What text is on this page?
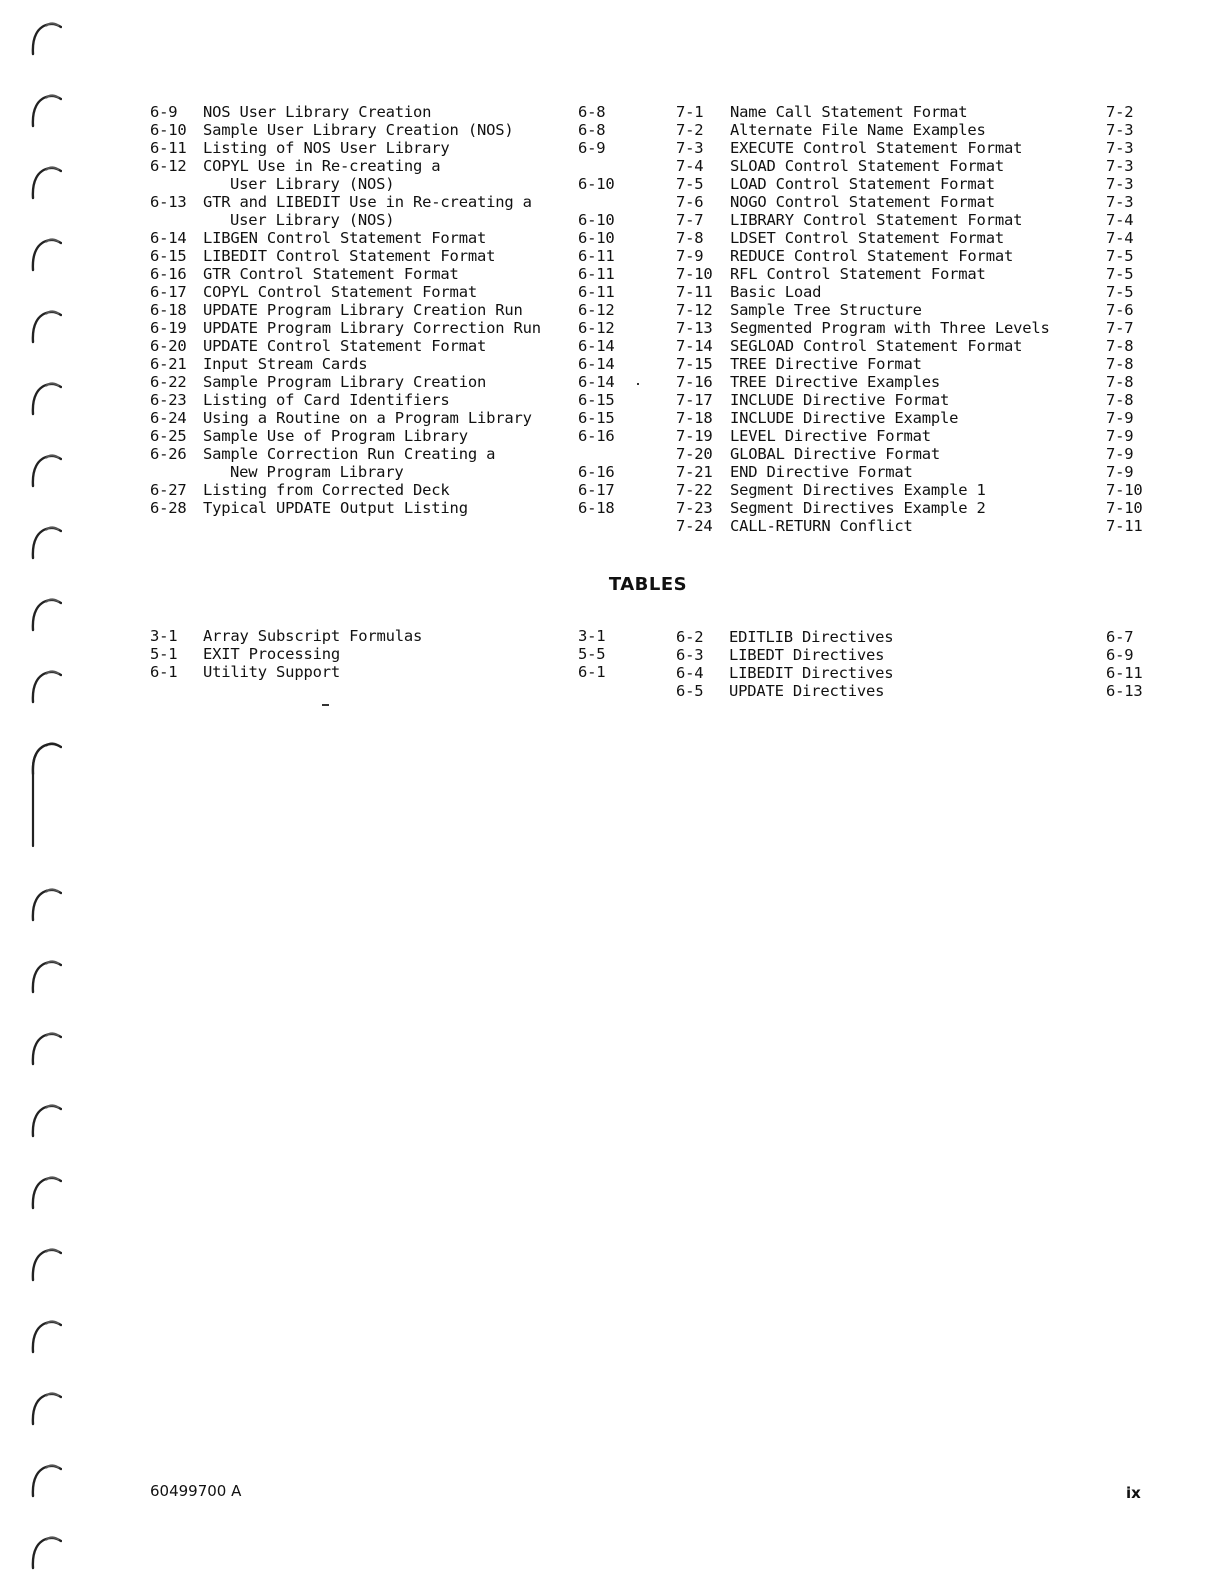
6-9 NOS User Library Creation	6-8
6-10 Sample User Library Creation (NOS)	6-8
6-11 Listing of NOS User Library	6-9
6-12 COPYL Use in Re-creating a
User Library (NOS)	6-10
6-13 GTR and LIBEDIT Use in Re-creating a
User Library (NOS)	6-10
6-14 LIBGEN Control Statement Format	6-10
6-15 LIBEDIT Control Statement Format	6-11
6-16 GTR Control Statement Format	6-11
6-17 COPYL Control Statement Format	6-11
6-18 UPDATE Program Library Creation Run	6-12
6-19 UPDATE Program Library Correction Run 6-12
6-20 UPDATE Control Statement Format	6-14
6-21 Input Stream Cards	6-14
6-22 Sample Program Library Creation	6-14
6-23 Listing of Card Identifiers	6-15
6-24 Using a Routine on a Program Library	6-15
6-25 Sample Use of Program Library	6-16
6-26 Sample Correction Run Creating a
New Program Library	6-16
6-27 Listing from Corrected Deck	6-17
6-28 Typical UPDATE Output Listing	6-18
7-1 Name Call Statement Format	7-2
7-2 Alternate File Name Examples	7-3
7-3 EXECUTE Control Statement Format	7-3
7-4 SLOAD Control Statement Format	7-3
7-5 LOAD Control Statement Format	7-3
7-6 NOGO Control Statement Format	7-3
7-7 LIBRARY Control Statement Format	7-4
7-8 LDSET Control Statement Format	7-4
7-9 REDUCE Control Statement Format	7-5
7-10 RFL Control Statement Format	7-5
7-11 Basic Load	7-5
7-12 Sample Tree Structure	7-6
7-13 Segmented Program with Three Levels	7-7
7-14 SEGLOAD Control Statement Format	7-8
7-15 TREE Directive Format	7-8
7-16 TREE Directive Examples	7-8
7-17 INCLUDE Directive Format	7-8
7-18 INCLUDE Directive Example	7-9
7-19 LEVEL Directive Format	7-9
7-20 GLOBAL Directive Format	7-9
7-21 END Directive Format	7-9
7-22 Segment Directives Example 1	7-10
7-23 Segment Directives Example 2	7-10
7-24 CALL-RETURN Conflict	7-11
TABLES
3-1 Array Subscript Formulas	3-1
5-1 EXIT Processing	5-5
6-1 Utility Support	6-1
6-2 EDITLIB Directives	6-7
6-3 LIBEDT Directives	6-9
6-4 LIBEDIT Directives	6-11
6-5 UPDATE Directives	6-13
60499700 A	ix
